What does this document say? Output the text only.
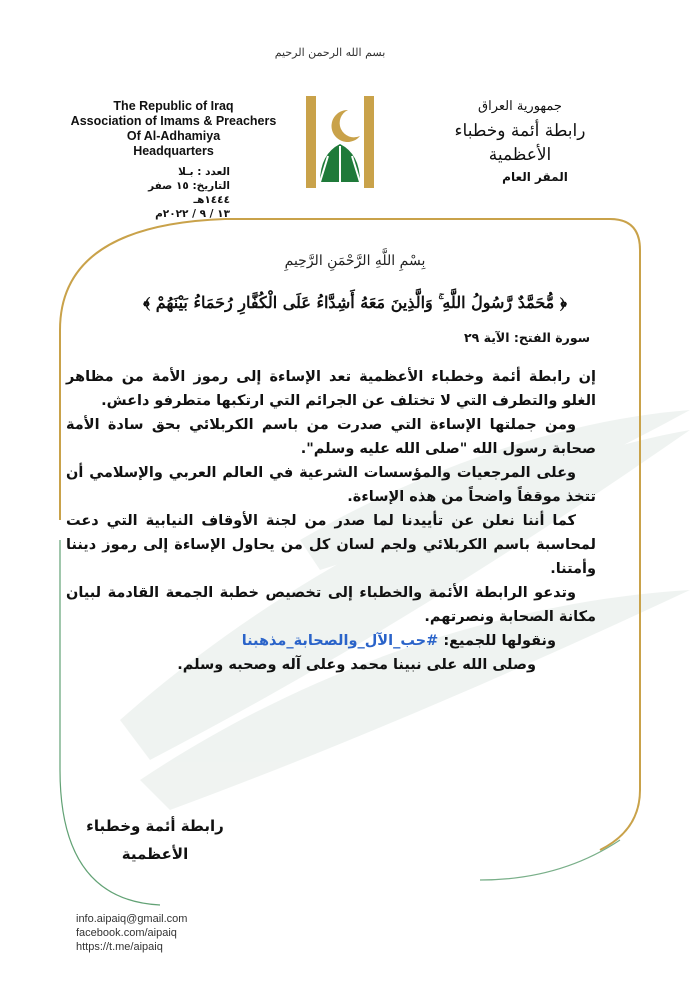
بسم الله الرحمن الرحيم
The Republic of Iraq
Association of Imams & Preachers
Of Al-Adhamiya
Headquarters
جمهورية العراق
رابطة أئمة وخطباء الأعظمية
المقر العام
العدد : بـلا
التاريخ: ١٥ صفر ١٤٤٤هـ
١٣ / ٩ / ٢٠٢٢م
بِسْمِ اللَّهِ الرَّحْمَنِ الرَّحِيمِ
﴿ مُّحَمَّدٌ رَّسُولُ اللَّهِ ۚ وَالَّذِينَ مَعَهُ أَشِدَّاءُ عَلَى الْكُفَّارِ رُحَمَاءُ بَيْنَهُمْ ﴾
سورة الفتح: الآية ٢٩

إن رابطة أئمة وخطباء الأعظمية تعد الإساءة إلى رموز الأمة من مظاهر الغلو والتطرف التي لا تختلف عن الجرائم التي ارتكبها متطرفو داعش.

ومن جملتها الإساءة التي صدرت من باسم الكربلائي بحق سادة الأمة صحابة رسول الله "صلى الله عليه وسلم".

وعلى المرجعيات والمؤسسات الشرعية في العالم العربي والإسلامي أن تتخذ موقفاً واضحاً من هذه الإساءة.

كما أننا نعلن عن تأييدنا لما صدر من لجنة الأوقاف النيابية التي دعت لمحاسبة باسم الكربلائي ولجم لسان كل من يحاول الإساءة إلى رموز ديننا وأمتنا.

وتدعو الرابطة الأئمة والخطباء إلى تخصيص خطبة الجمعة القادمة لبيان مكانة الصحابة ونصرتهم.

ونقولها للجميع: #حب_الآل_والصحابة_مذهبنا

وصلى الله على نبينا محمد وعلى آله وصحبه وسلم.

رابطة أئمة وخطباء
الأعظمية
info.aipaiq@gmail.com
facebook.com/aipaiq
https://t.me/aipaiq
